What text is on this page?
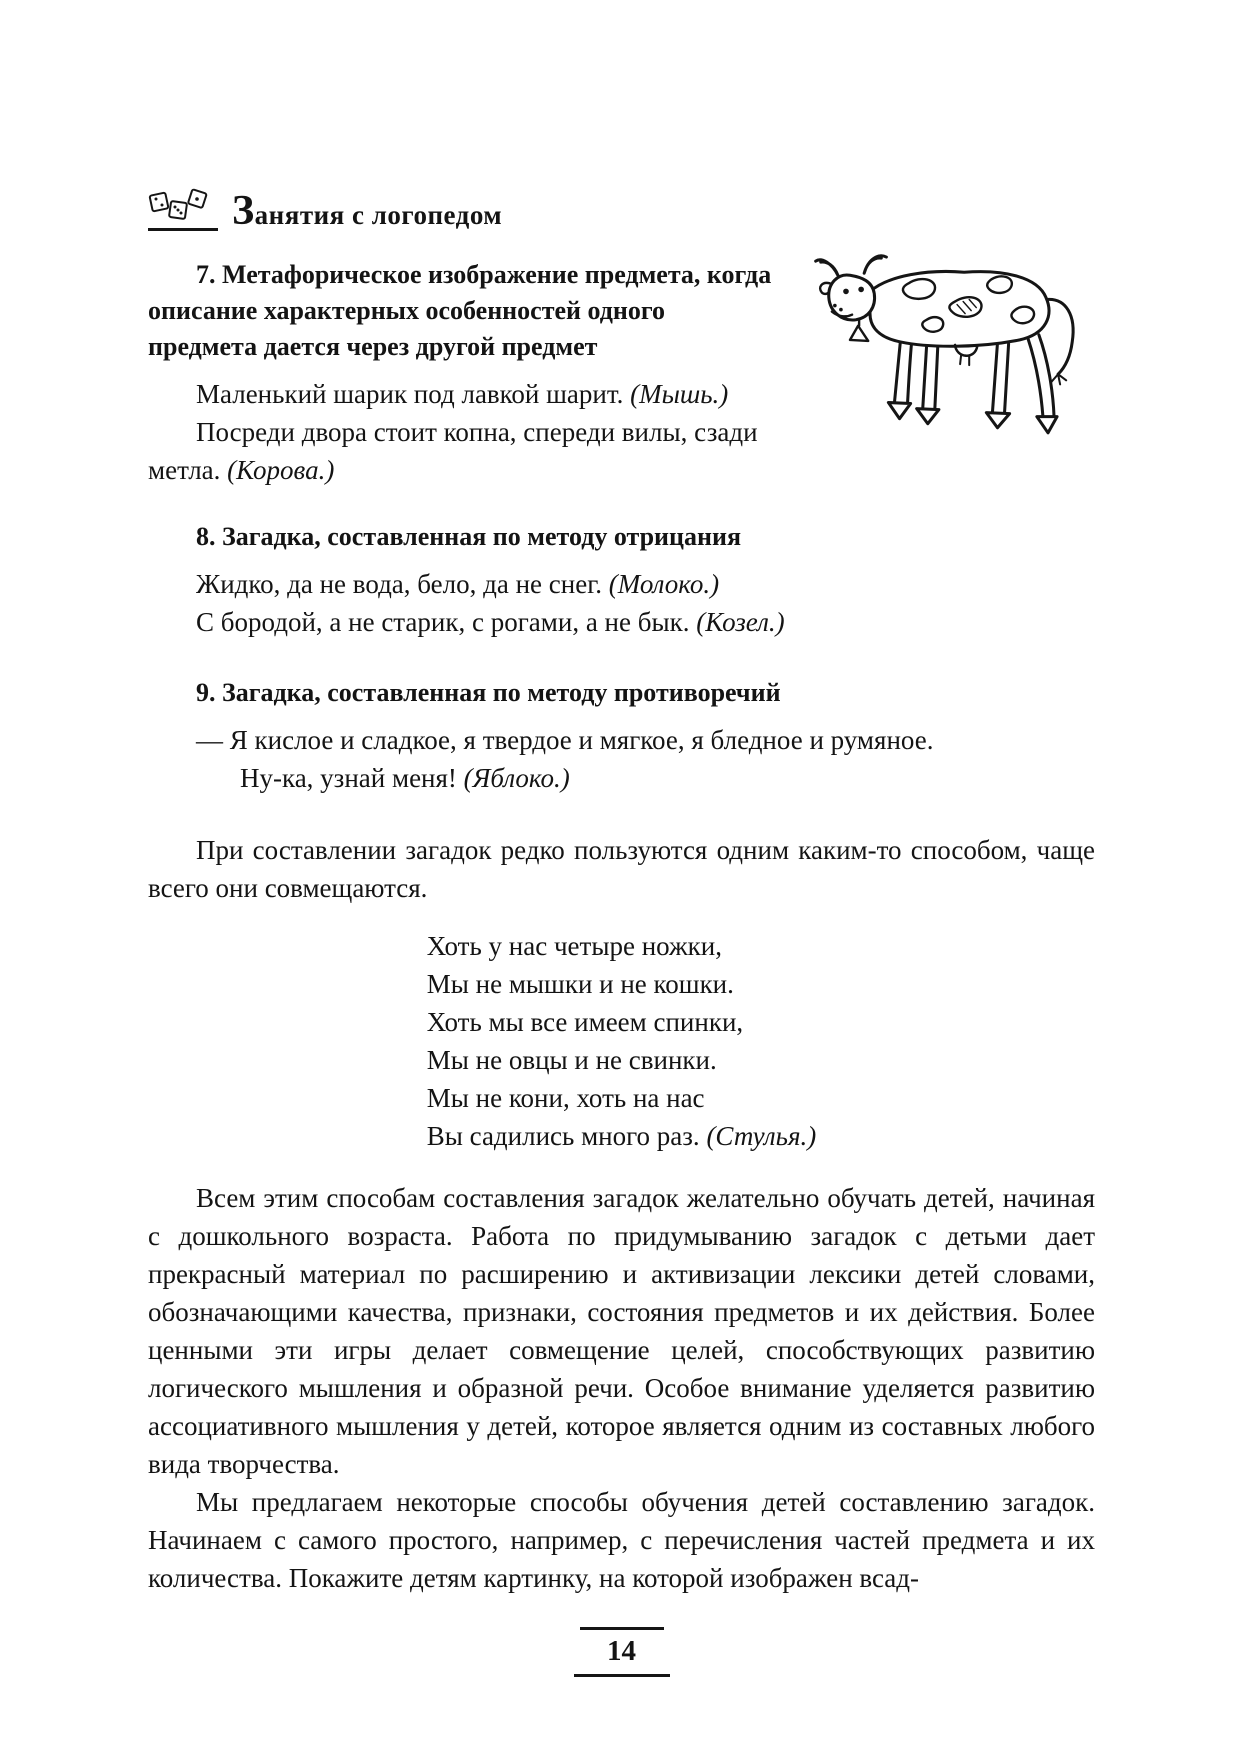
Занятия с логопедом
7. Метафорическое изображение предмета, когда описание характерных особенностей одного предмета дается через другой предмет

Маленький шарик под лавкой шарит. (Мышь.)

Посреди двора стоит копна, спереди вилы, сзади метла. (Корова.)

8. Загадка, составленная по методу отрицания

Жидко, да не вода, бело, да не снег. (Молоко.)

С бородой, а не старик, с рогами, а не бык. (Козел.)

9. Загадка, составленная по методу противоречий

— Я кислое и сладкое, я твердое и мягкое, я бледное и румяное.

Ну-ка, узнай меня! (Яблоко.)

При составлении загадок редко пользуются одним каким-то способом, чаще всего они совмещаются.

Хоть у нас четыре ножки,
Мы не мышки и не кошки.
Хоть мы все имеем спинки,
Мы не овцы и не свинки.
Мы не кони, хоть на нас
Вы садились много раз. (Стулья.)

Всем этим способам составления загадок желательно обучать детей, начиная с дошкольного возраста. Работа по придумыванию загадок с детьми дает прекрасный материал по расширению и активизации лексики детей словами, обозначающими качества, признаки, состояния предметов и их действия. Более ценными эти игры делает совмещение целей, способствующих развитию логического мышления и образной речи. Особое внимание уделяется развитию ассоциативного мышления у детей, которое является одним из составных любого вида творчества.

Мы предлагаем некоторые способы обучения детей составлению загадок. Начинаем с самого простого, например, с перечисления частей предмета и их количества. Покажите детям картинку, на которой изображен всад-

14
